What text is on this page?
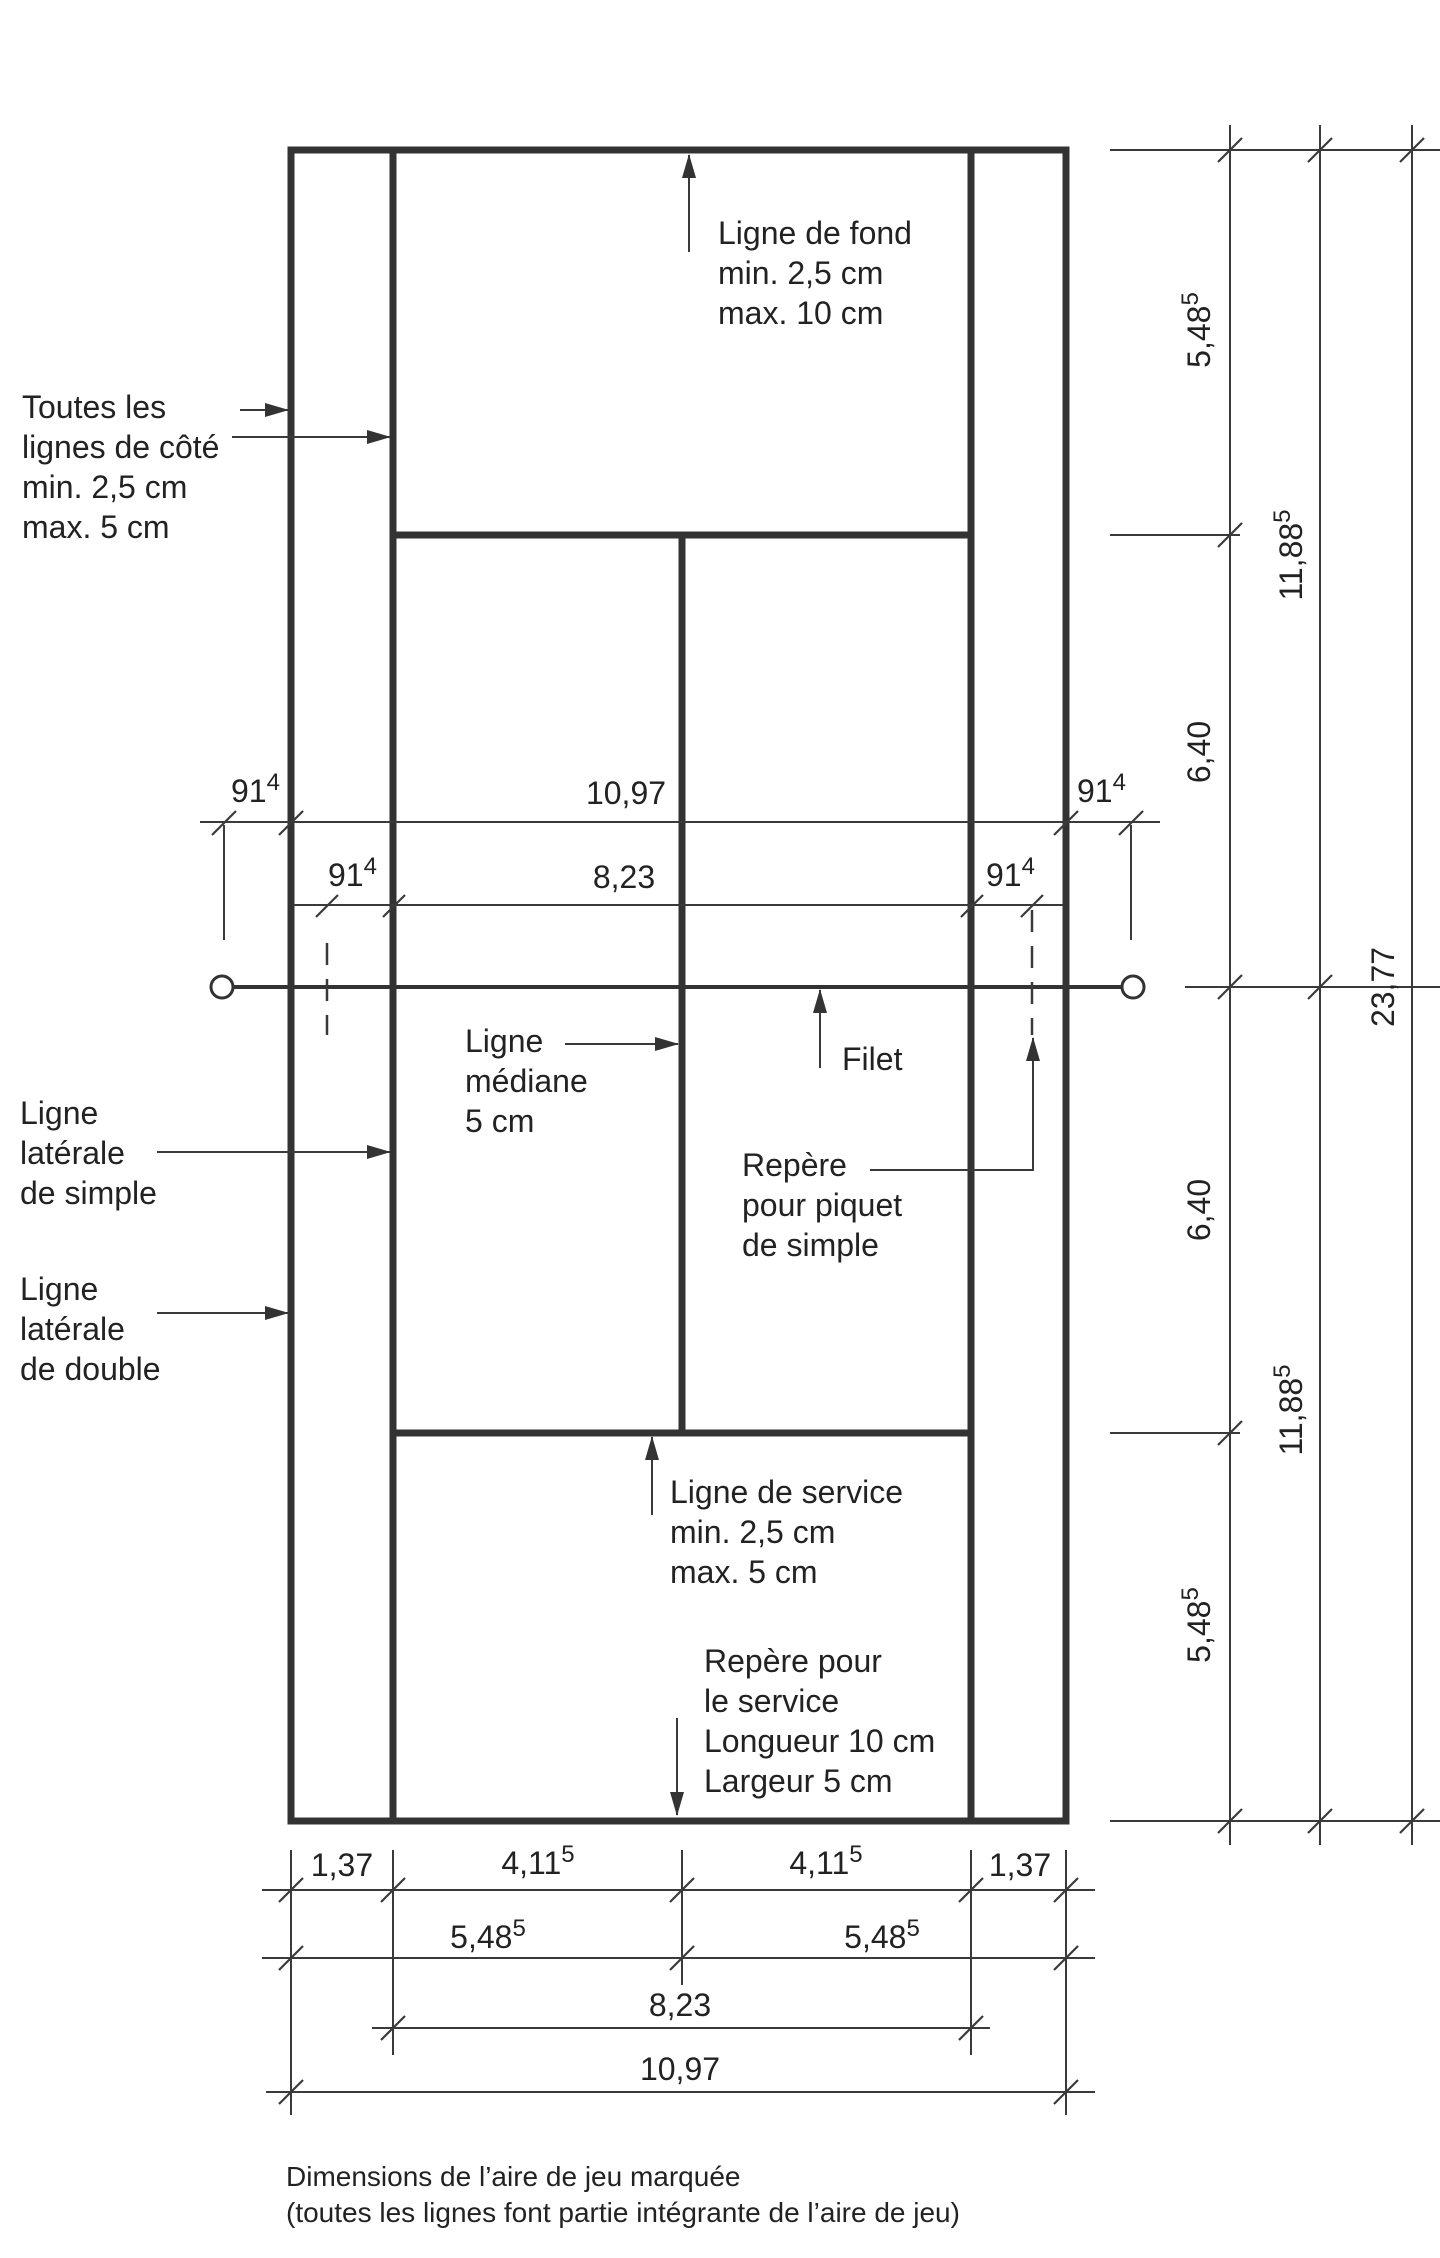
$91^4$	10,97	$91^4$
$91^4$	8,23	$91^4$
5,48$^5$
6,40
6,40
5,48$^5$
11,88$^5$
11,88$^5$
23,77
1,37	4,11$^5$	4,11$^5$	1,37
5,48$^5$	5,48$^5$
8,23
10,97
Ligne de fond min. 2,5 cm max. 10 cm
Toutes les lignes de côté min. 2,5 cm max. 5 cm
Ligne médiane 5 cm
Filet
Repère pour piquet de simple
Ligne latérale de simple
Ligne latérale de double
Ligne de service min. 2,5 cm max. 5 cm
Repère pour le service Longueur 10 cm Largeur 5 cm
Dimensions de l’aire de jeu marquée
(toutes les lignes font partie intégrante de l’aire de jeu)
